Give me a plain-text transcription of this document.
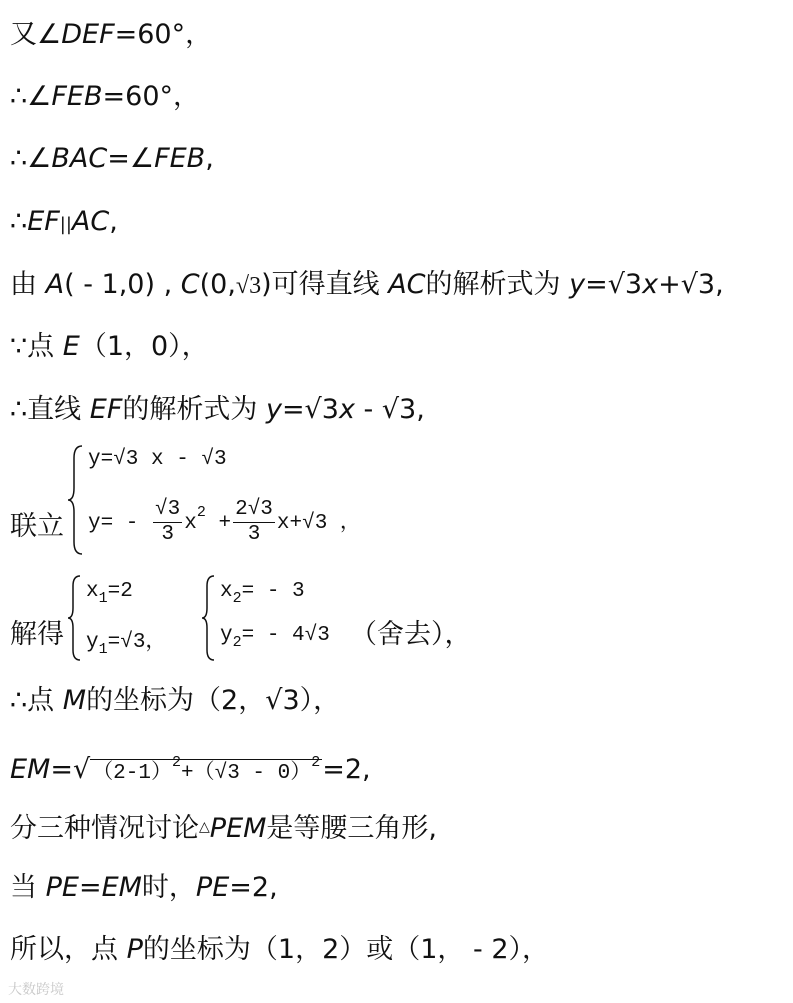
又∠DEF=60°，
∴∠FEB=60°，
∴∠BAC=∠FEB,
∴EF||AC,
由 A( - 1,0) , C(0,√3)可得直线 AC的解析式为 y=√3x+√3,
∵点 E（1，0），
∴直线 EF的解析式为 y=√3x - √3,
联立
y=√3 x - √3
$y= - \frac{√3}{3} x^2 + \frac{2√3}{3} x+√3$ ，
解得
$x_1=2$
$y_1=√3$，
$x_2= - 3$
$y_2= - 4√3$ （舍去），
∴点 M的坐标为（2，√3），
$EM=√(2-1)^2+(√3 - 0)^2=2$,
分三种情况讨论△PEM是等腰三角形,
当 PE=EM时，PE=2,
所以，点 P的坐标为（1，2）或（1， - 2），
大数跨境
